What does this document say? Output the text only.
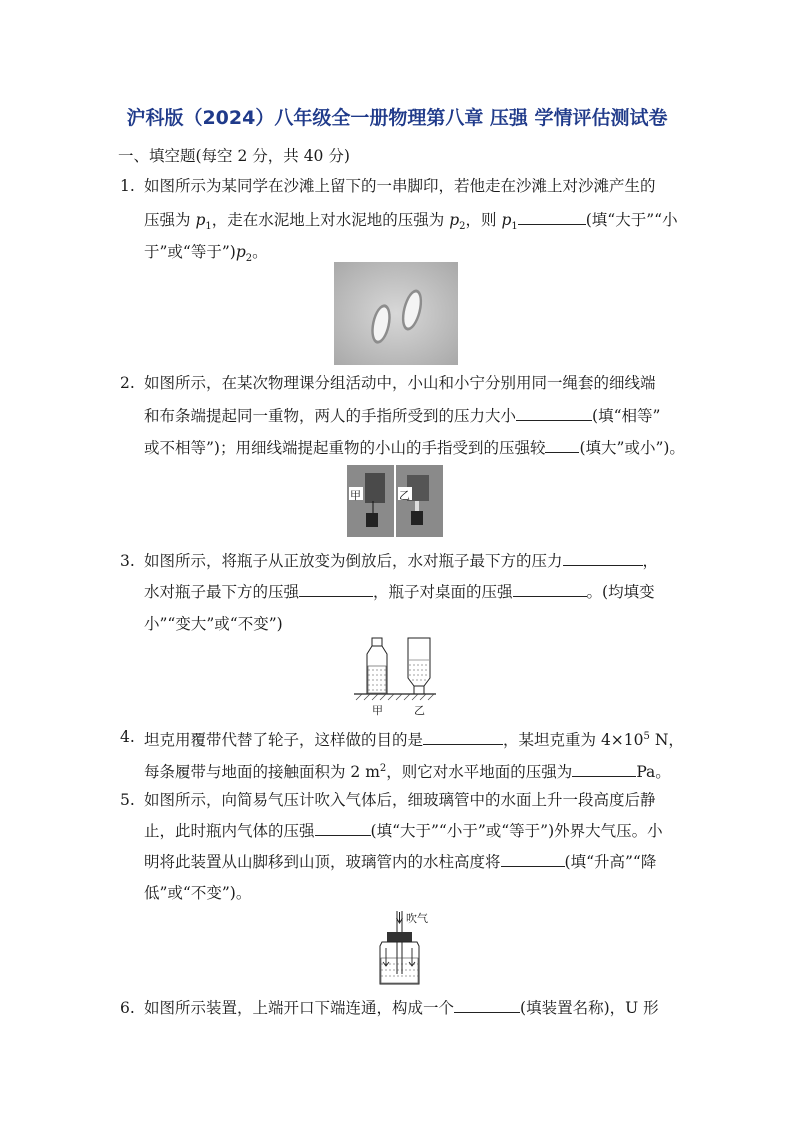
沪科版（2024）八年级全一册物理第八章 压强 学情评估测试卷
一、填空题(每空 2 分，共 40 分)
1. 如图所示为某同学在沙滩上留下的一串脚印，若他走在沙滩上对沙滩产生的
压强为 $p_1$，走在水泥地上对水泥地的压强为 $p_2$，则 $p_1$	(填“大于”“小
于”或“等于$”)p_2$。
2. 如图所示，在某次物理课分组活动中，小山和小宁分别用同一绳套的细线端
和布条端提起同一重物，两人的手指所受到的压力大小	(填“相等”
或不相等”)；用细线端提起重物的小山的手指受到的压强较 (填大”或小”)。
甲	乙
3. 如图所示，将瓶子从正放变为倒放后，水对瓶子最下方的压力	，
水对瓶子最下方的压强	，瓶子对桌面的压强	。(均填变
小”“变大”或“不变”)
甲	乙
4. 坦克用覆带代替了轮子，这样做的目的是	，某坦克重为 $4\times 10^5$ N，
每条履带与地面的接触面积为 2 $m^2$，则它对水平地面的压强为	Pa。
5. 如图所示，向简易气压计吹入气体后，细玻璃管中的水面上升一段高度后静
止，此时瓶内气体的压强	(填“大于”“小于”或“等于”)外界大气压。小
明将此装置从山脚移到山顶，玻璃管内的水柱高度将	(填“升高”“降
低”或“不变”)。
吹气
6. 如图所示装置，上端开口下端连通，构成一个	(填装置名称)，U 形
